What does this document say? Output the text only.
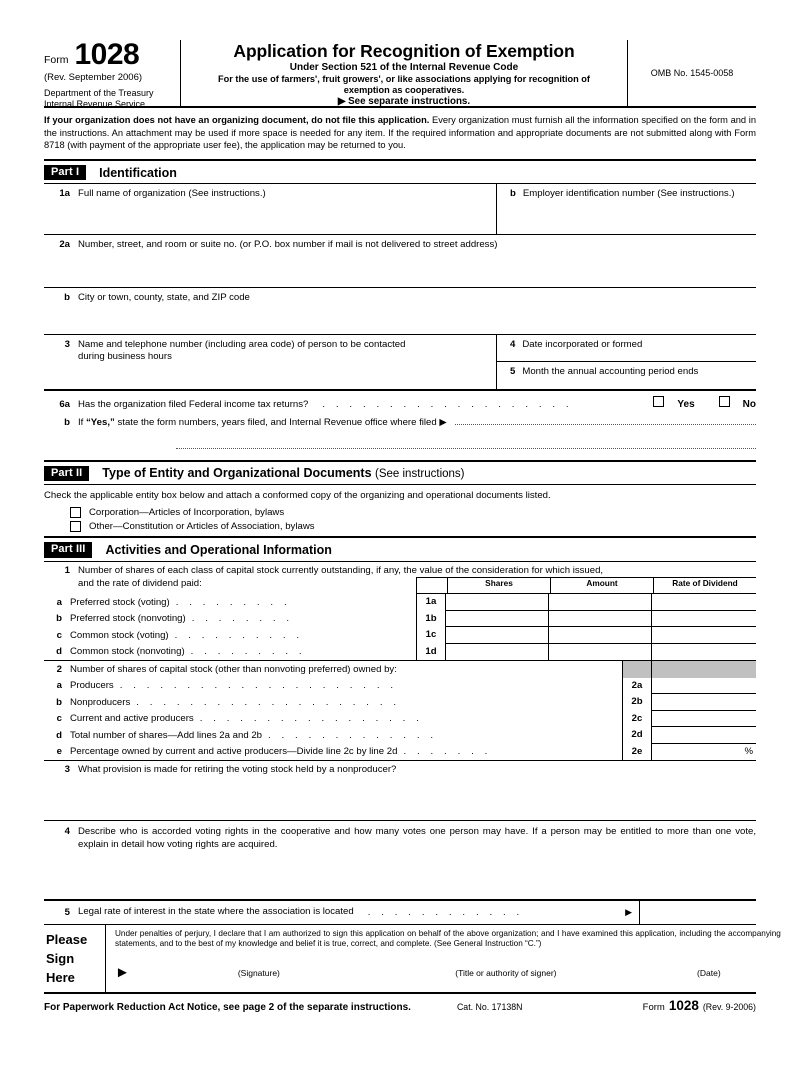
Form 1028
(Rev. September 2006)
Department of the Treasury
Internal Revenue Service
Application for Recognition of Exemption
Under Section 521 of the Internal Revenue Code
For the use of farmers', fruit growers', or like associations applying for recognition of
exemption as cooperatives.
▶ See separate instructions.
OMB No. 1545-0058
If your organization does not have an organizing document, do not file this application. Every organization must furnish all the information specified on the form and in the instructions. An attachment may be used if more space is needed for any item. If the required information and appropriate documents are not submitted along with Form 8718 (with payment of the appropriate user fee), the application may be returned to you.
Part I	Identification
1a Full name of organization (See instructions.)	b Employer identification number (See instructions.)
2a Number, street, and room or suite no. (or P.O. box number if mail is not delivered to street address)
b City or town, county, state, and ZIP code
3 Name and telephone number (including area code) of person to be contacted during business hours
4 Date incorporated or formed
5 Month the annual accounting period ends
6a Has the organization filed Federal income tax returns?	. . . . . . . . . . . . . . . . . . .	Yes	No
b If “Yes,” state the form numbers, years filed, and Internal Revenue office where filed ▶
Part II	Type of Entity and Organizational Documents (See instructions)
Check the applicable entity box below and attach a conformed copy of the organizing and operational documents listed.
Corporation—Articles of Incorporation, bylaws
Other—Constitution or Articles of Association, bylaws
Part III	Activities and Operational Information
1 Number of shares of each class of capital stock currently outstanding, if any, the value of the consideration for which issued,
and the rate of dividend paid:	Shares	Amount	Rate of Dividend
a Preferred stock (voting) . . . . . . . . .	1a
b Preferred stock (nonvoting) . . . . . . . .	1b
c Common stock (voting) . . . . . . . . . .	1c
d Common stock (nonvoting) . . . . . . . . .	1d
2 Number of shares of capital stock (other than nonvoting preferred) owned by:
a Producers . . . . . . . . . . . . . . . . . . . . .	2a
b Nonproducers . . . . . . . . . . . . . . . . . . . .	2b
c Current and active producers . . . . . . . . . . . . . . . . .	2c
d Total number of shares—Add lines 2a and 2b . . . . . . . . . . . . .	2d
e Percentage owned by current and active producers—Divide line 2c by line 2d . . . . . . .	2e	%
3 What provision is made for retiring the voting stock held by a nonproducer?
4 Describe who is accorded voting rights in the cooperative and how many votes one person may have. If a person may be entitled to more than one vote, explain in detail how voting rights are acquired.
5 Legal rate of interest in the state where the association is located	. . . . . . . . . . . .	▶
Please
Sign
Here
Under penalties of perjury, I declare that I am authorized to sign this application on behalf of the above organization; and I have examined this application, including the accompanying statements, and to the best of my knowledge and belief it is true, correct, and complete. (See General Instruction “C.”)
►	(Signature)	(Title or authority of signer)	(Date)
For Paperwork Reduction Act Notice, see page 2 of the separate instructions.	Cat. No. 17138N	Form 1028 (Rev. 9-2006)
